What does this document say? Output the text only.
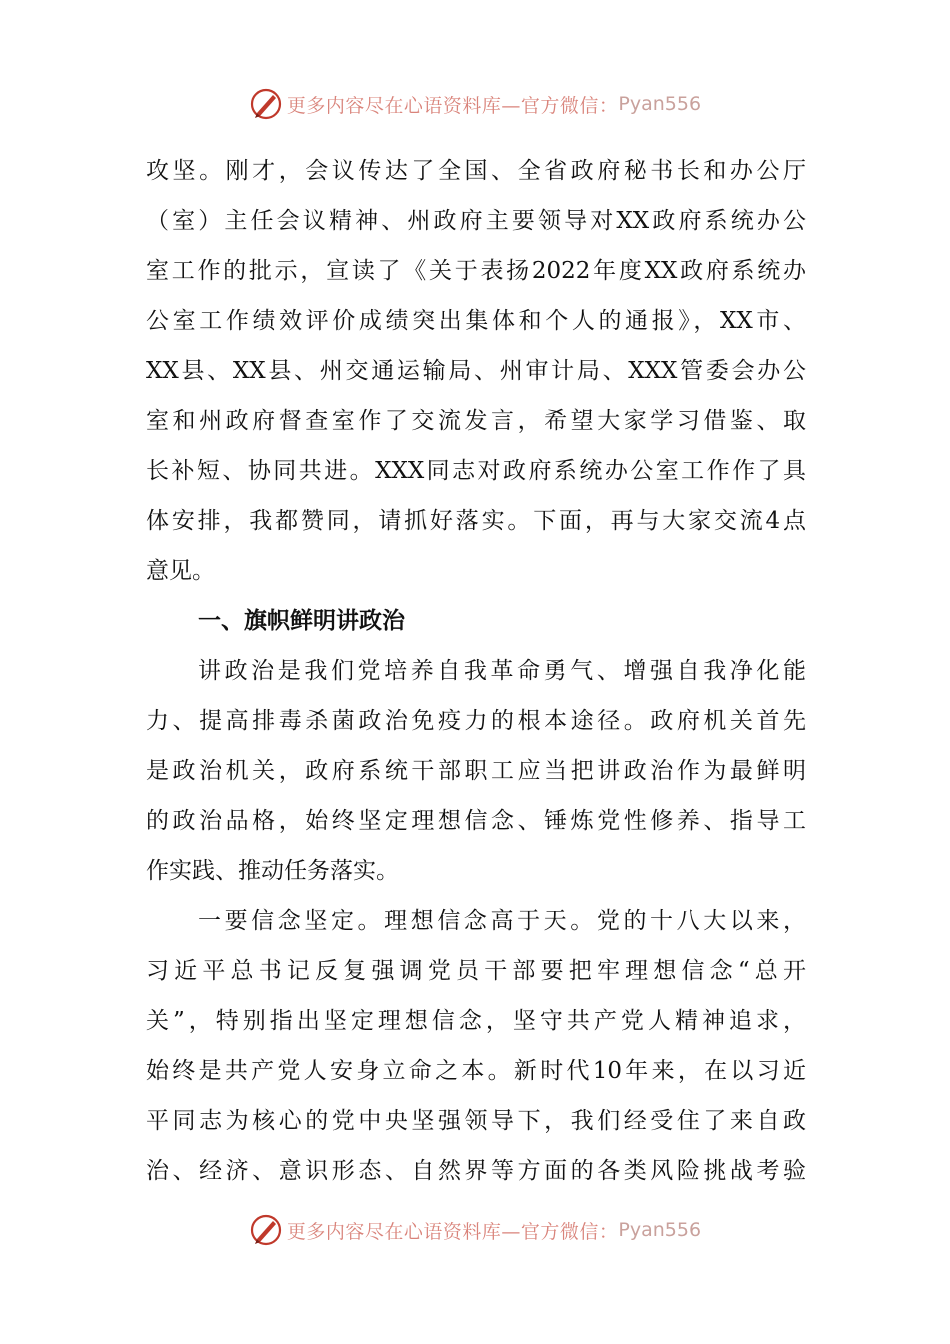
更多内容尽在心语资料库—官方微信： Pyan556
攻坚。刚才，会议传达了全国、全省政府秘书长和办公厅
（室）主任会议精神、州政府主要领导对XX政府系统办公
室工作的批示，宣读了《关于表扬2022年度XX政府系统办
公室工作绩效评价成绩突出集体和个人的通报》，XX市、
XX县、XX县、州交通运输局、州审计局、XXX管委会办公
室和州政府督查室作了交流发言，希望大家学习借鉴、取
长补短、协同共进。XXX同志对政府系统办公室工作作了具
体安排，我都赞同，请抓好落实。下面，再与大家交流4点
意见。
一、旗帜鲜明讲政治
讲政治是我们党培养自我革命勇气、增强自我净化能
力、提高排毒杀菌政治免疫力的根本途径。政府机关首先
是政治机关，政府系统干部职工应当把讲政治作为最鲜明
的政治品格，始终坚定理想信念、锤炼党性修养、指导工
作实践、推动任务落实。
一要信念坚定。理想信念高于天。党的十八大以来，
习近平总书记反复强调党员干部要把牢理想信念“总开
关”，特别指出坚定理想信念，坚守共产党人精神追求，
始终是共产党人安身立命之本。新时代10年来，在以习近
平同志为核心的党中央坚强领导下，我们经受住了来自政
治、经济、意识形态、自然界等方面的各类风险挑战考验
更多内容尽在心语资料库—官方微信： Pyan556
